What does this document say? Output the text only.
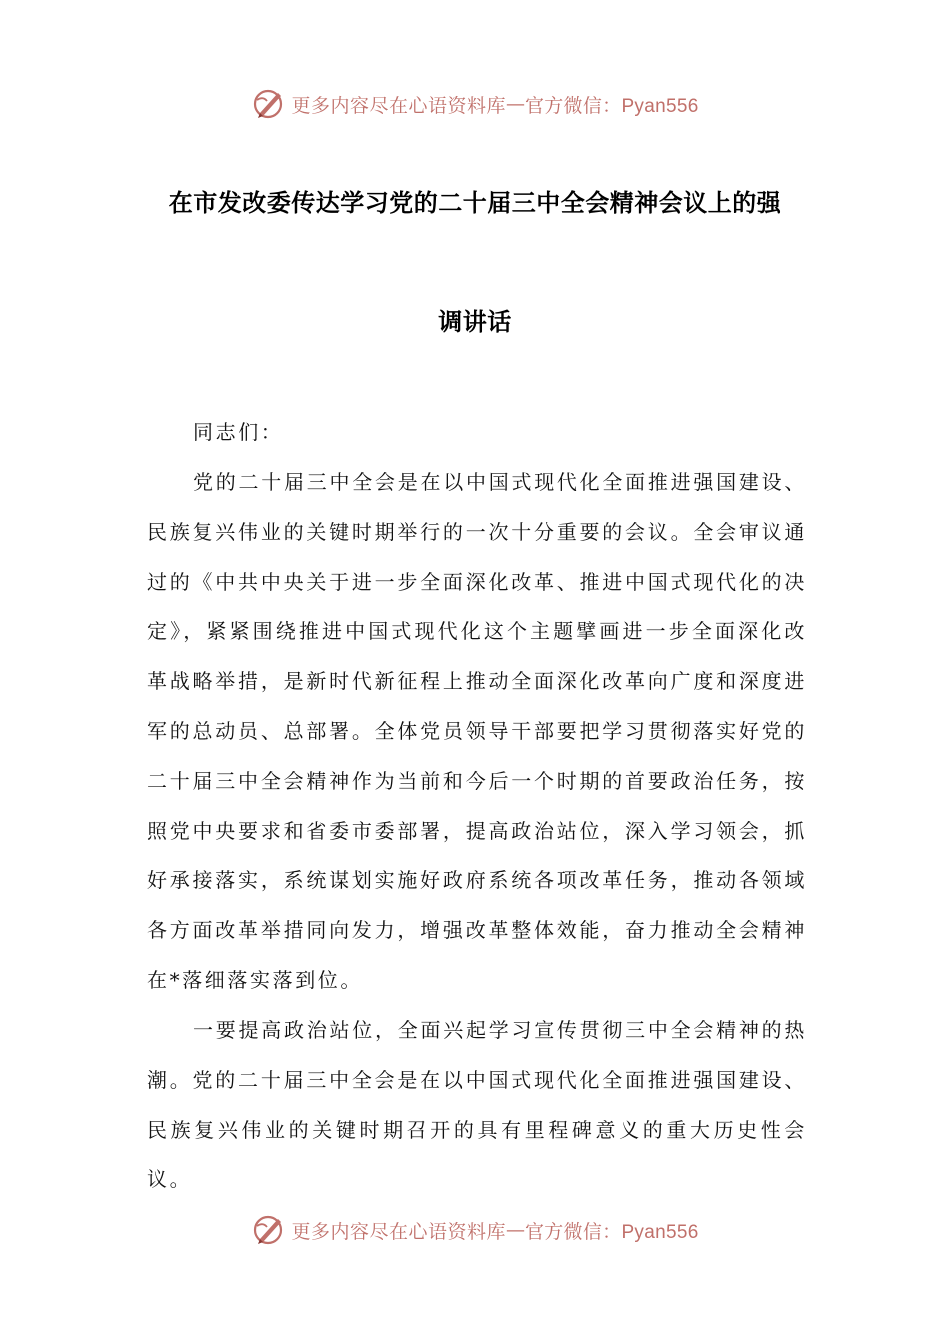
更多内容尽在心语资料库 — 官方微信：Pyan556
在市发改委传达学习党的二十届三中全会精神会议上的强
调讲话

同志们：

党的二十届三中全会是在以中国式现代化全面推进强国建设、民族复兴伟业的关键时期举行的一次十分重要的会议。全会审议通过的《中共中央关于进一步全面深化改革、推进中国式现代化的决定》，紧紧围绕推进中国式现代化这个主题擘画进一步全面深化改革战略举措，是新时代新征程上推动全面深化改革向广度和深度进军的总动员、总部署。全体党员领导干部要把学习贯彻落实好党的二十届三中全会精神作为当前和今后一个时期的首要政治任务，按照党中央要求和省委市委部署，提高政治站位，深入学习领会，抓好承接落实，系统谋划实施好政府系统各项改革任务，推动各领域各方面改革举措同向发力，增强改革整体效能，奋力推动全会精神在*落细落实落到位。

一要提高政治站位，全面兴起学习宣传贯彻三中全会精神的热潮。党的二十届三中全会是在以中国式现代化全面推进强国建设、民族复兴伟业的关键时期召开的具有里程碑意义的重大历史性会议。

更多内容尽在心语资料库 — 官方微信：Pyan556
